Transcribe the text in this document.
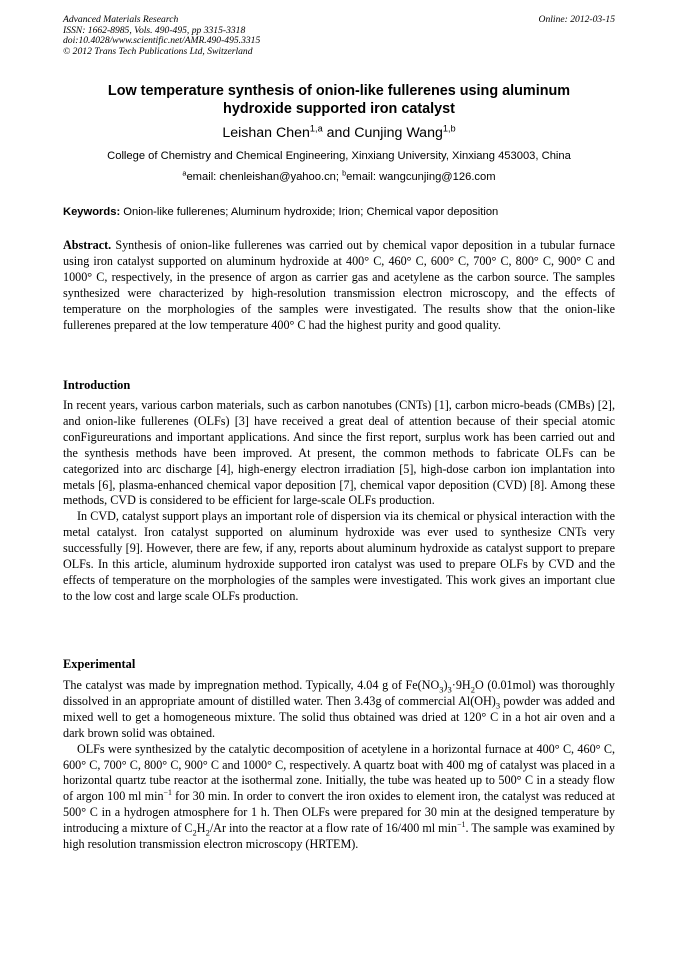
Advanced Materials Research
ISSN: 1662-8985, Vols. 490-495, pp 3315-3318
doi:10.4028/www.scientific.net/AMR.490-495.3315
© 2012 Trans Tech Publications Ltd, Switzerland
Online: 2012-03-15
Low temperature synthesis of onion-like fullerenes using aluminum
hydroxide supported iron catalyst
Leishan Chen$^{1,a}$ and Cunjing Wang$^{1,b}$
College of Chemistry and Chemical Engineering, Xinxiang University, Xinxiang 453003, China
$^a$email: chenleishan@yahoo.cn; $^b$email: wangcunjing@126.com
Keywords: Onion-like fullerenes; Aluminum hydroxide; Irion; Chemical vapor deposition

Abstract. Synthesis of onion-like fullerenes was carried out by chemical vapor deposition in a tubular furnace using iron catalyst supported on aluminum hydroxide at 400° C, 460° C, 600° C, 700° C, 800° C, 900° C and 1000° C, respectively, in the presence of argon as carrier gas and acetylene as the carbon source. The samples synthesized were characterized by high-resolution transmission electron microscopy, and the effects of temperature on the morphologies of the samples were investigated. The results show that the onion-like fullerenes prepared at the low temperature 400° C had the highest purity and good quality.

Introduction

In recent years, various carbon materials, such as carbon nanotubes (CNTs) [1], carbon micro-beads (CMBs) [2], and onion-like fullerenes (OLFs) [3] have received a great deal of attention because of their special atomic conFigureurations and important applications. And since the first report, surplus work has been carried out and the synthesis methods have been improved. At present, the common methods to fabricate OLFs can be categorized into arc discharge [4], high-energy electron irradiation [5], high-dose carbon ion implantation into metals [6], plasma-enhanced chemical vapor deposition [7], chemical vapor deposition (CVD) [8]. Among these methods, CVD is considered to be efficient for large-scale OLFs production.

In CVD, catalyst support plays an important role of dispersion via its chemical or physical interaction with the metal catalyst. Iron catalyst supported on aluminum hydroxide was ever used to synthesize CNTs very successfully [9]. However, there are few, if any, reports about aluminum hydroxide as catalyst support to prepare OLFs. In this article, aluminum hydroxide supported iron catalyst was used to prepare OLFs by CVD and the effects of temperature on the morphologies of the samples were investigated. This work gives an important clue to the low cost and large scale OLFs production.

Experimental

The catalyst was made by impregnation method. Typically, 4.04 g of $Fe(NO_3)_3\cdot 9H_2O$ (0.01mol) was thoroughly dissolved in an appropriate amount of distilled water. Then 3.43g of commercial $Al(OH)_3$ powder was added and mixed well to get a homogeneous mixture. The solid thus obtained was dried at 120° C in a hot air oven and a dark brown solid was obtained.

OLFs were synthesized by the catalytic decomposition of acetylene in a horizontal furnace at 400° C, 460° C, 600° C, 700° C, 800° C, 900° C and 1000° C, respectively. A quartz boat with 400 mg of catalyst was placed in a horizontal quartz tube reactor at the isothermal zone. Initially, the tube was heated up to 500° C in a steady flow of argon 100 ml $\min^{-1}$ for 30 min. In order to convert the iron oxides to element iron, the catalyst was reduced at 500° C in a hydrogen atmosphere for 1 h. Then OLFs were prepared for 30 min at the designed temperature by introducing a mixture of $C_2H_2/Ar$ into the reactor at a flow rate of 16/400 ml $\min^{-1}$. The sample was examined by high resolution transmission electron microscopy (HRTEM).
